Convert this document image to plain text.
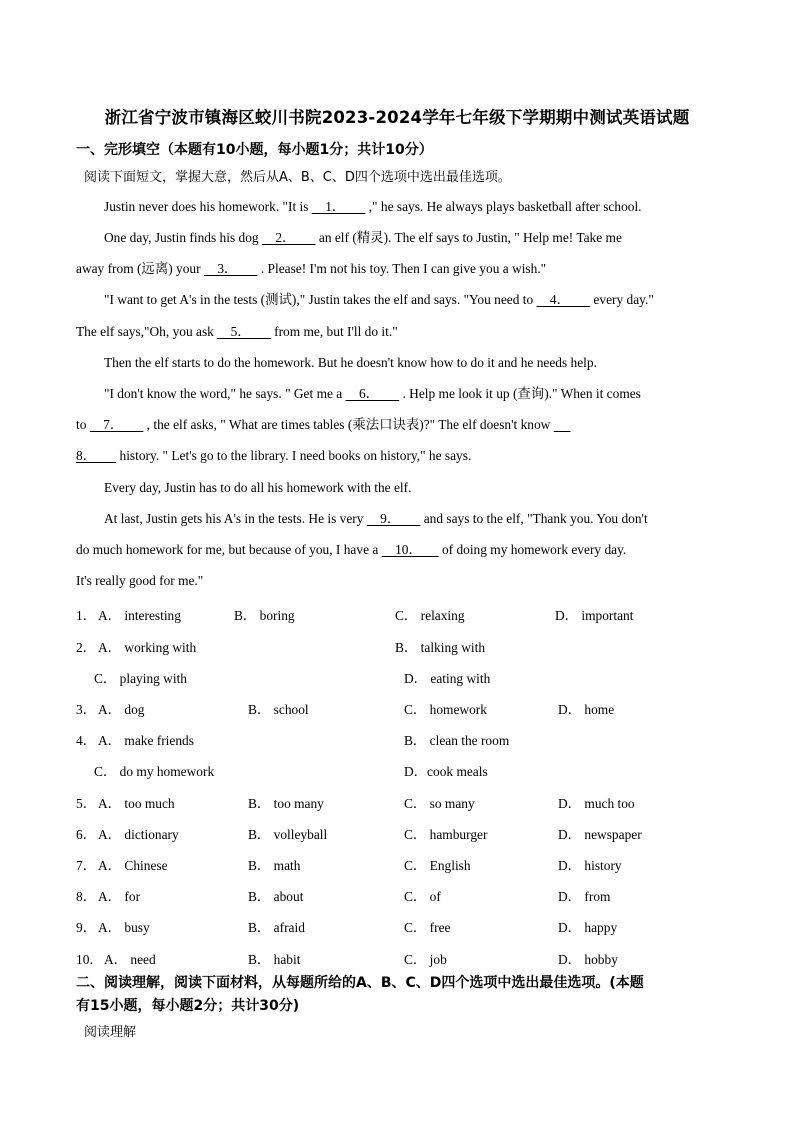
浙江省宁波市镇海区蛟川书院2023-2024学年七年级下学期期中测试英语试题
一、完形填空（本题有10小题，每小题1分；共计10分）
阅读下面短文，掌握大意，然后从A、B、C、D四个选项中选出最佳选项。
Justin never does his homework. "It is     1．       ," he says. He always plays basketball after school.
One day, Justin finds his dog     2．       an elf (精灵). The elf says to Justin, " Help me! Take me
away from (远离) your     3．       . Please! I'm not his toy. Then I can give you a wish."
"I want to get A's in the tests (测试)," Justin takes the elf and says. "You need to     4．       every day."
The elf says,"Oh, you ask     5．       from me, but I'll do it."
Then the elf starts to do the homework. But he doesn't know how to do it and he needs help.
"I don't know the word," he says. " Get me a     6．       . Help me look it up (查询)." When it comes
to     7．       , the elf asks, " What are times tables (乘法口诀表)?" The elf doesn't know
8．       history. " Let's go to the library. I need books on history," he says.
Every day, Justin has to do all his homework with the elf.
At last, Justin gets his A's in the tests. He is very     9．       and says to the elf, "Thank you. You don't
do much homework for me, but because of you, I have a     10．      of doing my homework every day.
It's really good for me."
1． A． interesting	B． boring	C． relaxing	D． important
2． A． working with	B． talking with
C． playing with	D． eating with
3． A． dog	B． school	C． homework	D． home
4． A． make friends	B． clean the room
C． do my homework	D．cook meals
5． A． too much	B． too many	C． so many	D． much too
6． A． dictionary	B． volleyball	C． hamburger	D． newspaper
7． A． Chinese	B． math	C． English	D． history
8． A． for	B． about	C． of	D． from
9． A． busy	B． afraid	C． free	D． happy
10． A． need	B． habit	C． job	D． hobby
二、阅读理解，阅读下面材料，从每题所给的A、B、C、D四个选项中选出最佳选项。(本题
有15小题，每小题2分；共计30分)
阅读理解
